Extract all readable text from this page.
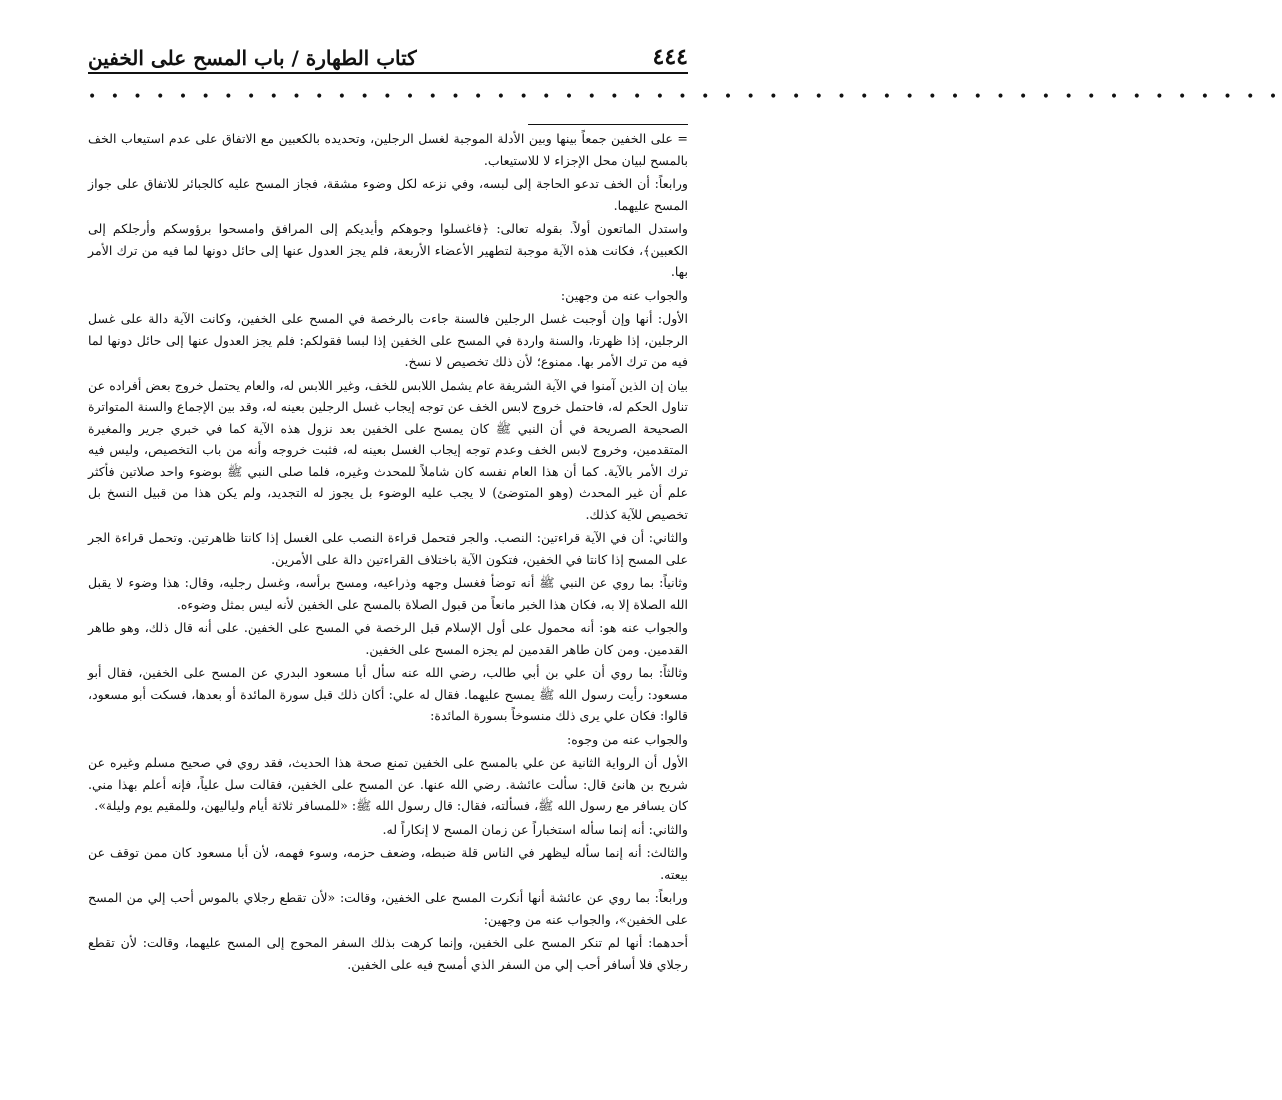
٤٤٤
كتاب الطهارة / باب المسح على الخفين
• • • • • • • • • • • • • • • • • • • • • • • • • • • • • • • • • • • • • • • • • • • • • • • • • • • • •

= على الخفين جمعاً بينها وبين الأدلة الموجبة لغسل الرجلين، وتحديده بالكعبين مع الاتفاق على عدم استيعاب الخف بالمسح لبيان محل الإجزاء لا للاستيعاب.

ورابعاً: أن الخف تدعو الحاجة إلى لبسه، وفي نزعه لكل وضوء مشقة، فجاز المسح عليه كالجبائر للاتفاق على جواز المسح عليهما.

واستدل الماتعون أولاً. بقوله تعالى: ﴿فاغسلوا وجوهكم وأيديكم إلى المرافق وامسحوا برؤوسكم وأرجلكم إلى الكعبين﴾، فكانت هذه الآية موجبة لتطهير الأعضاء الأربعة، فلم يجز العدول عنها إلى حائل دونها لما فيه من ترك الأمر بها.

والجواب عنه من وجهين:

الأول: أنها وإن أوجبت غسل الرجلين فالسنة جاءت بالرخصة في المسح على الخفين، وكانت الآية دالة على غسل الرجلين، إذا ظهرتا، والسنة واردة في المسح على الخفين إذا لبسا فقولكم: فلم يجز العدول عنها إلى حائل دونها لما فيه من ترك الأمر بها. ممنوع؛ لأن ذلك تخصيص لا نسخ.

بيان إن الذين آمنوا في الآية الشريفة عام يشمل اللابس للخف، وغير اللابس له، والعام يحتمل خروج بعض أفراده عن تناول الحكم له، فاحتمل خروج لابس الخف عن توجه إيجاب غسل الرجلين بعينه له، وقد بين الإجماع والسنة المتواترة الصحيحة الصريحة في أن النبي ﷺ كان يمسح على الخفين بعد نزول هذه الآية كما في خبري جرير والمغيرة المتقدمين، وخروج لابس الخف وعدم توجه إيجاب الغسل بعينه له، فثبت خروجه وأنه من باب التخصيص، وليس فيه ترك الأمر بالآية. كما أن هذا العام نفسه كان شاملاً للمحدث وغيره، فلما صلى النبي ﷺ بوضوء واحد صلاتين فأكثر علم أن غير المحدث (وهو المتوضئ) لا يجب عليه الوضوء بل يجوز له التجديد، ولم يكن هذا من قبيل النسخ بل تخصيص للآية كذلك.

والثاني: أن في الآية قراءتين: النصب. والجر فتحمل قراءة النصب على الغسل إذا كانتا ظاهرتين. وتحمل قراءة الجر على المسح إذا كانتا في الخفين، فتكون الآية باختلاف القراءتين دالة على الأمرين.

وثانياً: بما روي عن النبي ﷺ أنه توضأ فغسل وجهه وذراعيه، ومسح برأسه، وغسل رجليه، وقال: هذا وضوء لا يقبل الله الصلاة إلا به، فكان هذا الخبر مانعاً من قبول الصلاة بالمسح على الخفين لأنه ليس بمثل وضوءه.

والجواب عنه هو: أنه محمول على أول الإسلام قبل الرخصة في المسح على الخفين. على أنه قال ذلك، وهو طاهر القدمين. ومن كان طاهر القدمين لم يجزه المسح على الخفين.

وثالثاً: بما روي أن علي بن أبي طالب، رضي الله عنه سأل أبا مسعود البدري عن المسح على الخفين، فقال أبو مسعود: رأيت رسول الله ﷺ يمسح عليهما. فقال له علي: أكان ذلك قبل سورة المائدة أو بعدها، فسكت أبو مسعود، قالوا: فكان علي يرى ذلك منسوخاً بسورة المائدة:

والجواب عنه من وجوه:

الأول أن الرواية الثانية عن علي بالمسح على الخفين تمنع صحة هذا الحديث، فقد روي في صحيح مسلم وغيره عن شريح بن هانئ قال: سألت عائشة. رضي الله عنها. عن المسح على الخفين، فقالت سل علياً، فإنه أعلم بهذا مني. كان يسافر مع رسول الله ﷺ، فسألته، فقال: قال رسول الله ﷺ: «للمسافر ثلاثة أيام ولياليهن، وللمقيم يوم وليلة».

والثاني: أنه إنما سأله استخباراً عن زمان المسح لا إنكاراً له.

والثالث: أنه إنما سأله ليظهر في الناس قلة ضبطه، وضعف حزمه، وسوء فهمه، لأن أبا مسعود كان ممن توقف عن بيعته.

ورابعاً: بما روي عن عائشة أنها أنكرت المسح على الخفين، وقالت: «لأن تقطع رجلاي بالموس أحب إلي من المسح على الخفين»، والجواب عنه من وجهين:

أحدهما: أنها لم تنكر المسح على الخفين، وإنما كرهت بذلك السفر المحوج إلى المسح عليهما، وقالت: لأن تقطع رجلاي فلا أسافر أحب إلي من السفر الذي أمسح فيه على الخفين.
